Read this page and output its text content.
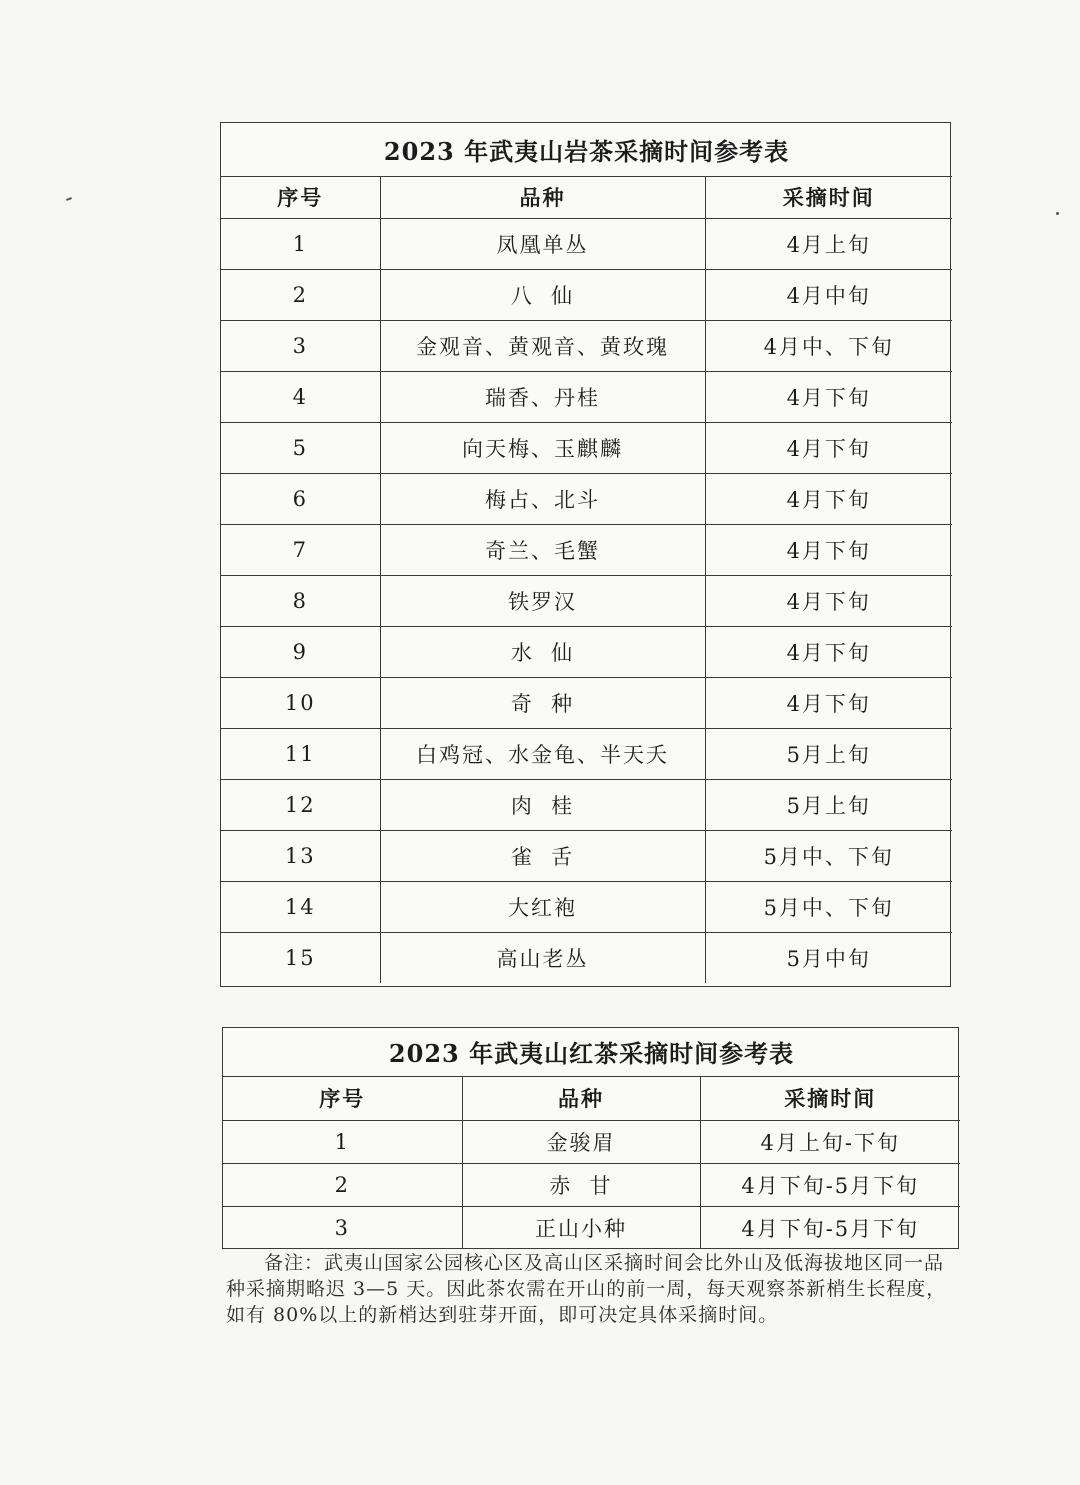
2023 年武夷山岩茶采摘时间参考表		
序号	品种	采摘时间
1	凤凰单丛	4月上旬
2	八  仙	4月中旬
3	金观音、黄观音、黄玫瑰	4月中、下旬
4	瑞香、丹桂	4月下旬
5	向天梅、玉麒麟	4月下旬
6	梅占、北斗	4月下旬
7	奇兰、毛蟹	4月下旬
8	铁罗汉	4月下旬
9	水  仙	4月下旬
10	奇  种	4月下旬
11	白鸡冠、水金龟、半天夭	5月上旬
12	肉  桂	5月上旬
13	雀  舌	5月中、下旬
14	大红袍	5月中、下旬
15	高山老丛	5月中旬
2023 年武夷山红茶采摘时间参考表		
序号	品种	采摘时间
1	金骏眉	4月上旬-下旬
2	赤  甘	4月下旬-5月下旬
3	正山小种	4月下旬-5月下旬

备注：武夷山国家公园核心区及高山区采摘时间会比外山及低海拔地区同一品种采摘期略迟 3—5 天。因此茶农需在开山的前一周，每天观察茶新梢生长程度，如有 80%以上的新梢达到驻芽开面，即可决定具体采摘时间。
